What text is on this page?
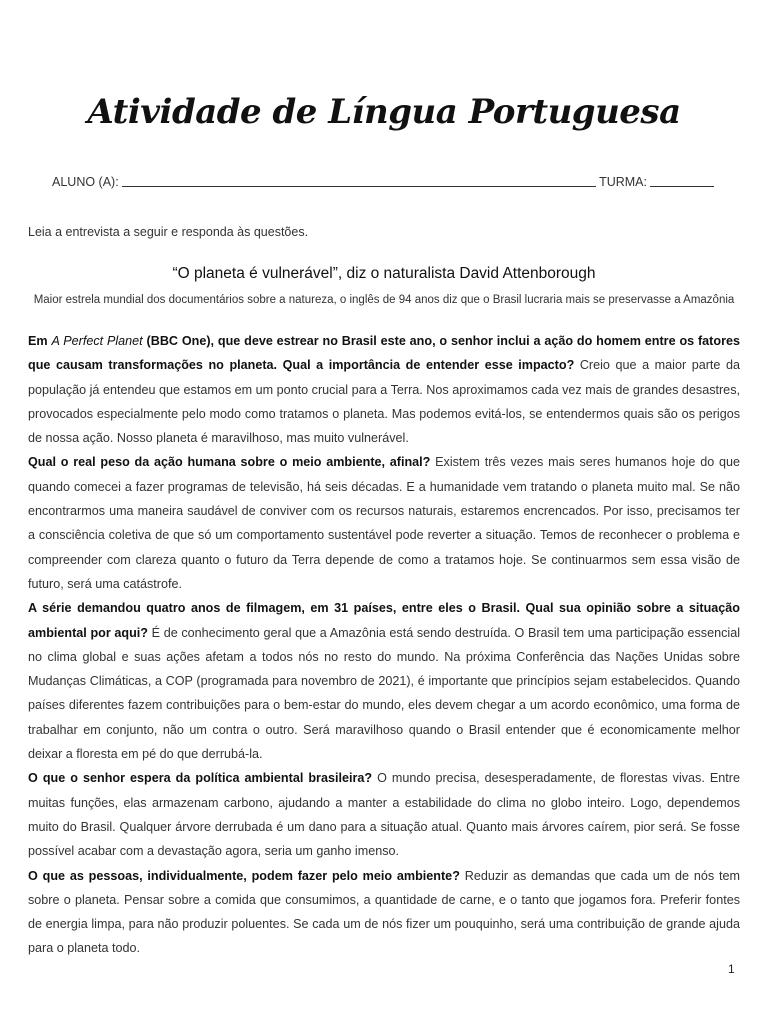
Atividade de Língua Portuguesa
ALUNO (A):	TURMA:
Leia a entrevista a seguir e responda às questões.
“O planeta é vulnerável”, diz o naturalista David Attenborough
Maior estrela mundial dos documentários sobre a natureza, o inglês de 94 anos diz que o Brasil lucraria mais se preservasse a Amazônia

Em A Perfect Planet (BBC One), que deve estrear no Brasil este ano, o senhor inclui a ação do homem entre os fatores que causam transformações no planeta. Qual a importância de entender esse impacto? Creio que a maior parte da população já entendeu que estamos em um ponto crucial para a Terra. Nos aproximamos cada vez mais de grandes desastres, provocados especialmente pelo modo como tratamos o planeta. Mas podemos evitá-los, se entendermos quais são os perigos de nossa ação. Nosso planeta é maravilhoso, mas muito vulnerável.

Qual o real peso da ação humana sobre o meio ambiente, afinal? Existem três vezes mais seres humanos hoje do que quando comecei a fazer programas de televisão, há seis décadas. E a humanidade vem tratando o planeta muito mal. Se não encontrarmos uma maneira saudável de conviver com os recursos naturais, estaremos encrencados. Por isso, precisamos ter a consciência coletiva de que só um comportamento sustentável pode reverter a situação. Temos de reconhecer o problema e compreender com clareza quanto o futuro da Terra depende de como a tratamos hoje. Se continuarmos sem essa visão de futuro, será uma catástrofe.

A série demandou quatro anos de filmagem, em 31 países, entre eles o Brasil. Qual sua opinião sobre a situação ambiental por aqui? É de conhecimento geral que a Amazônia está sendo destruída. O Brasil tem uma participação essencial no clima global e suas ações afetam a todos nós no resto do mundo. Na próxima Conferência das Nações Unidas sobre Mudanças Climáticas, a COP (programada para novembro de 2021), é importante que princípios sejam estabelecidos. Quando países diferentes fazem contribuições para o bem-estar do mundo, eles devem chegar a um acordo econômico, uma forma de trabalhar em conjunto, não um contra o outro. Será maravilhoso quando o Brasil entender que é economicamente melhor deixar a floresta em pé do que derrubá-la.

O que o senhor espera da política ambiental brasileira? O mundo precisa, desesperadamente, de florestas vivas. Entre muitas funções, elas armazenam carbono, ajudando a manter a estabilidade do clima no globo inteiro. Logo, dependemos muito do Brasil. Qualquer árvore derrubada é um dano para a situação atual. Quanto mais árvores caírem, pior será. Se fosse possível acabar com a devastação agora, seria um ganho imenso.

O que as pessoas, individualmente, podem fazer pelo meio ambiente? Reduzir as demandas que cada um de nós tem sobre o planeta. Pensar sobre a comida que consumimos, a quantidade de carne, e o tanto que jogamos fora. Preferir fontes de energia limpa, para não produzir poluentes. Se cada um de nós fizer um pouquinho, será uma contribuição de grande ajuda para o planeta todo.

1
